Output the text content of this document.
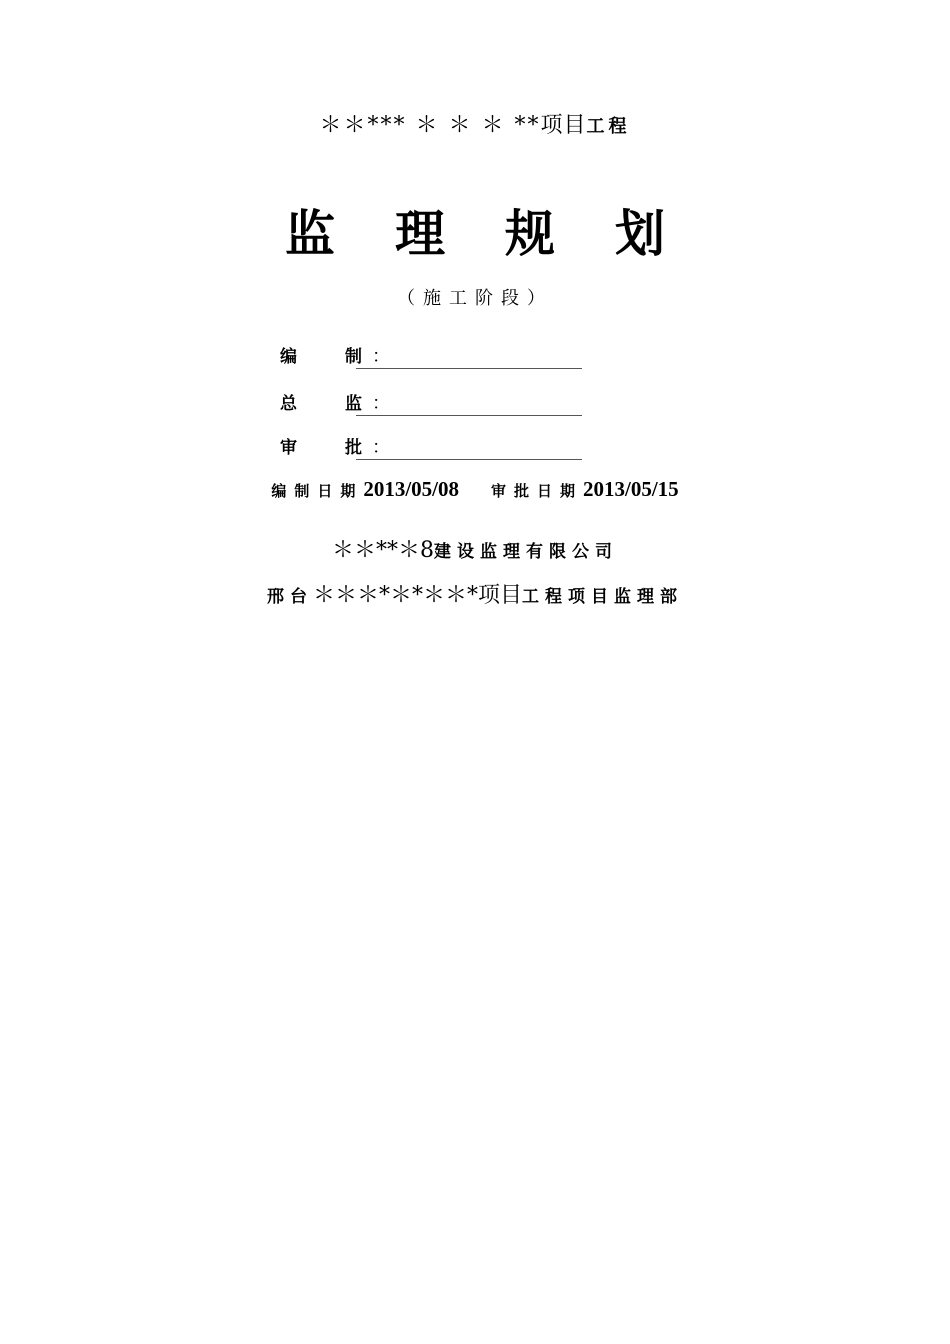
＊＊*** ＊ ＊ ＊ **项目工程
监理规划
（施工阶段）
编	制 ：
总	监 ：
审	批 ：
编制日期2013/05/08 审批日期2013/05/15
＊＊**＊8建设监理有限公司
邢台＊＊＊*＊*＊＊*项目工程项目监理部
